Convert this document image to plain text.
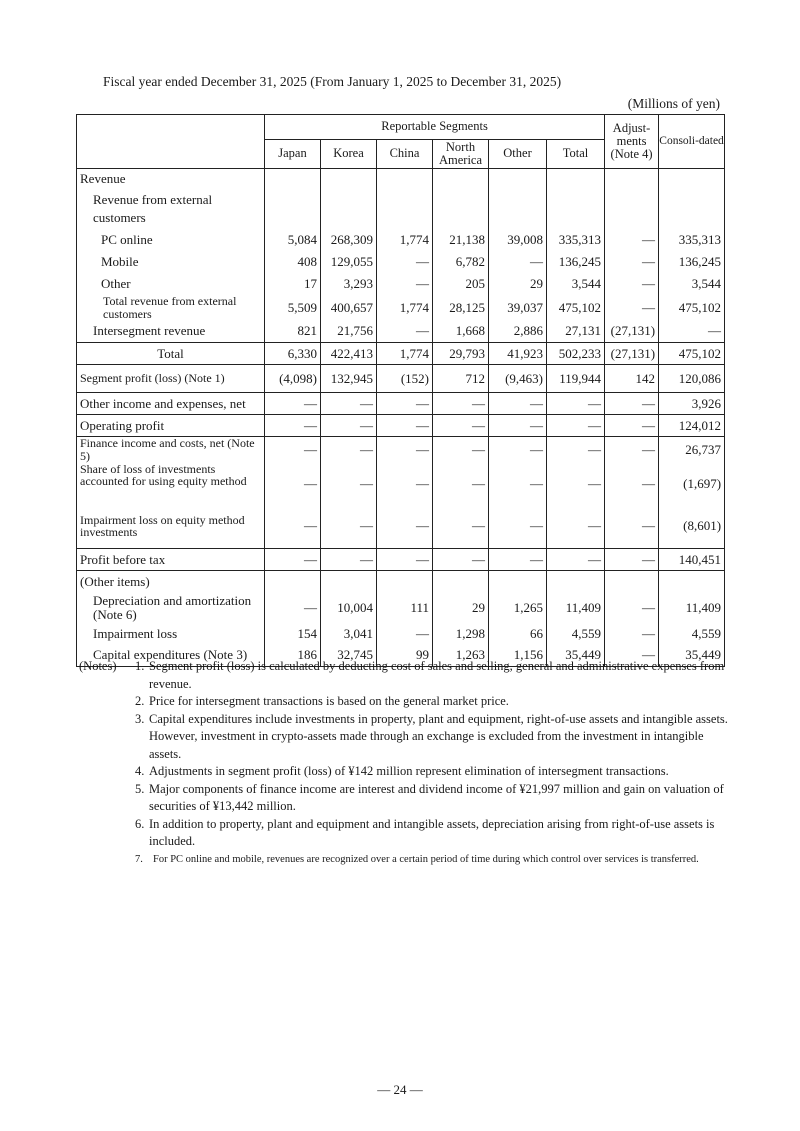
Fiscal year ended December 31, 2025 (From January 1, 2025 to December 31, 2025)
(Millions of yen)
	Reportable Segments						Adjust-ments (Note 4)	Consoli-dated
	Japan	Korea	China	North America	Other	Total		
Revenue								

Revenue from external customers								

PC online	5,084	268,309	1,774	21,138	39,008	335,313	—	335,313
Mobile	408	129,055	—	6,782	—	136,245	—	136,245
Other	17	3,293	—	205	29	3,544	—	3,544
Total revenue from external customers	5,509	400,657	1,774	28,125	39,037	475,102	—	475,102
Intersegment revenue	821	21,756	—	1,668	2,886	27,131	(27,131)	—
Total	6,330	422,413	1,774	29,793	41,923	502,233	(27,131)	475,102
Segment profit (loss) (Note 1)	(4,098)	132,945	(152)	712	(9,463)	119,944	142	120,086
Other income and expenses, net	—	—	—	—	—	—	—	3,926
Operating profit	—	—	—	—	—	—	—	124,012
Finance income and costs, net (Note 5)	—	—	—	—	—	—	—	26,737
Share of loss of investments accounted for using equity method	—	—	—	—	—	—	—	(1,697)
Impairment loss on equity method investments	—	—	—	—	—	—	—	(8,601)
Profit before tax	—	—	—	—	—	—	—	140,451
(Other items)								
Depreciation and amortization (Note 6)	—	10,004	111	29	1,265	11,409	—	11,409
Impairment loss	154	3,041	—	1,298	66	4,559	—	4,559
Capital expenditures (Note 3)	186	32,745	99	1,263	1,156	35,449	—	35,449
(Notes)	1. Segment profit (loss) is calculated by deducting cost of sales and selling, general and administrative expenses from revenue.
2. Price for intersegment transactions is based on the general market price.
3. Capital expenditures include investments in property, plant and equipment, right-of-use assets and intangible assets. However, investment in crypto-assets made through an exchange is excluded from the investment in intangible assets.
4. Adjustments in segment profit (loss) of ¥142 million represent elimination of intersegment transactions.
5. Major components of finance income are interest and dividend income of ¥21,997 million and gain on valuation of securities of ¥13,442 million.
6. In addition to property, plant and equipment and intangible assets, depreciation arising from right-of-use assets is included.
7. For PC online and mobile, revenues are recognized over a certain period of time during which control over services is transferred.
— 24 —
